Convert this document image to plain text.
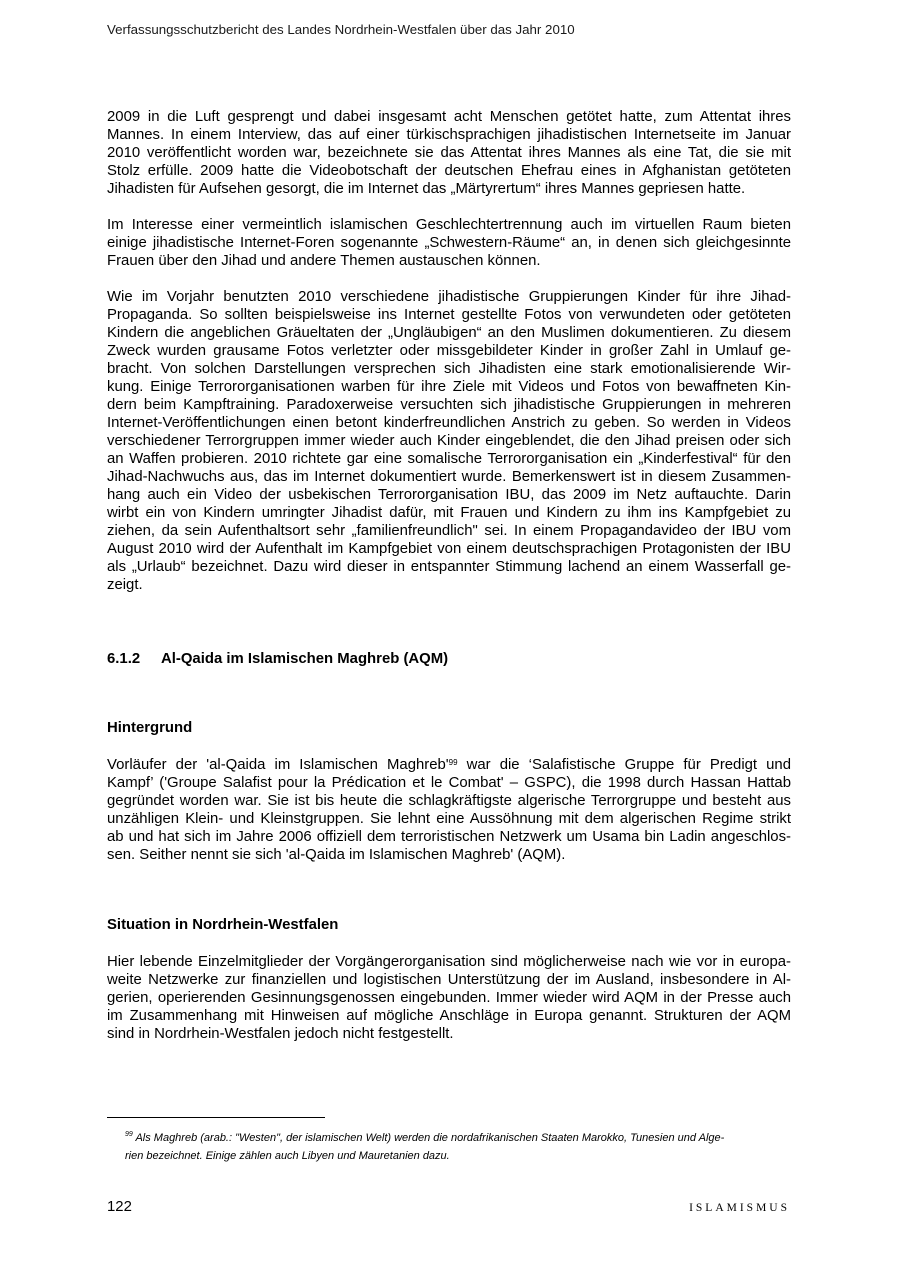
Verfassungsschutzbericht des Landes Nordrhein-Westfalen über das Jahr 2010
2009 in die Luft gesprengt und dabei insgesamt acht Menschen getötet hatte, zum Attentat ihres
Mannes. In einem Interview, das auf einer türkischsprachigen jihadistischen Internetseite im Januar
2010 veröffentlicht worden war, bezeichnete sie das Attentat ihres Mannes als eine Tat, die sie mit
Stolz erfülle. 2009 hatte die Videobotschaft der deutschen Ehefrau eines in Afghanistan getöteten
Jihadisten für Aufsehen gesorgt, die im Internet das „Märtyrertum“ ihres Mannes gepriesen hatte.
Im Interesse einer vermeintlich islamischen Geschlechtertrennung auch im virtuellen Raum bieten
einige jihadistische Internet-Foren sogenannte „Schwestern-Räume“ an, in denen sich gleichgesinnte
Frauen über den Jihad und andere Themen austauschen können.
Wie im Vorjahr benutzten 2010 verschiedene jihadistische Gruppierungen Kinder für ihre Jihad-
Propaganda. So sollten beispielsweise ins Internet gestellte Fotos von verwundeten oder getöteten
Kindern die angeblichen Gräueltaten der „Ungläubigen“ an den Muslimen dokumentieren. Zu diesem
Zweck wurden grausame Fotos verletzter oder missgebildeter Kinder in großer Zahl in Umlauf ge-
bracht. Von solchen Darstellungen versprechen sich Jihadisten eine stark emotionalisierende Wir-
kung. Einige Terrororganisationen warben für ihre Ziele mit Videos und Fotos von bewaffneten Kin-
dern beim Kampftraining. Paradoxerweise versuchten sich jihadistische Gruppierungen in mehreren
Internet-Veröffentlichungen einen betont kinderfreundlichen Anstrich zu geben. So werden in Videos
verschiedener Terrorgruppen immer wieder auch Kinder eingeblendet, die den Jihad preisen oder sich
an Waffen probieren. 2010 richtete gar eine somalische Terrororganisation ein „Kinderfestival“ für den
Jihad-Nachwuchs aus, das im Internet dokumentiert wurde. Bemerkenswert ist in diesem Zusammen-
hang auch ein Video der usbekischen Terrororganisation IBU, das 2009 im Netz auftauchte. Darin
wirbt ein von Kindern umringter Jihadist dafür, mit Frauen und Kindern zu ihm ins Kampfgebiet zu
ziehen, da sein Aufenthaltsort sehr „familienfreundlich" sei. In einem Propagandavideo der IBU vom
August 2010 wird der Aufenthalt im Kampfgebiet von einem deutschsprachigen Protagonisten der IBU
als „Urlaub“ bezeichnet. Dazu wird dieser in entspannter Stimmung lachend an einem Wasserfall ge-
zeigt.
6.1.2 Al-Qaida im Islamischen Maghreb (AQM)
Hintergrund
Vorläufer der 'al-Qaida im Islamischen Maghreb'$^{99}$ war die ‘Salafistische Gruppe für Predigt und
Kampf’ ('Groupe Salafist pour la Prédication et le Combat' – GSPC), die 1998 durch Hassan Hattab
gegründet worden war. Sie ist bis heute die schlagkräftigste algerische Terrorgruppe und besteht aus
unzähligen Klein- und Kleinstgruppen. Sie lehnt eine Aussöhnung mit dem algerischen Regime strikt
ab und hat sich im Jahre 2006 offiziell dem terroristischen Netzwerk um Usama bin Ladin angeschlos-
sen. Seither nennt sie sich 'al-Qaida im Islamischen Maghreb' (AQM).
Situation in Nordrhein-Westfalen
Hier lebende Einzelmitglieder der Vorgängerorganisation sind möglicherweise nach wie vor in europa-
weite Netzwerke zur finanziellen und logistischen Unterstützung der im Ausland, insbesondere in Al-
gerien, operierenden Gesinnungsgenossen eingebunden. Immer wieder wird AQM in der Presse auch
im Zusammenhang mit Hinweisen auf mögliche Anschläge in Europa genannt. Strukturen der AQM
sind in Nordrhein-Westfalen jedoch nicht festgestellt.
$^{99}$ Als Maghreb (arab.: "Westen", der islamischen Welt) werden die nordafrikanischen Staaten Marokko, Tunesien und Alge-
rien bezeichnet. Einige zählen auch Libyen und Mauretanien dazu.
122	ISLAMISMUS
